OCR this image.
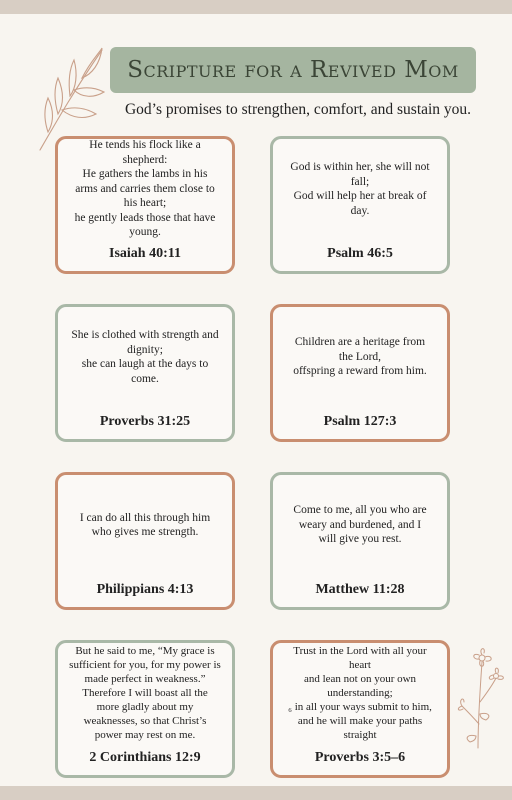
Scripture for a Revived Mom
God’s promises to strengthen, comfort, and sustain you.
He tends his flock like a
shepherd:
He gathers the lambs in his
arms and carries them close to
his heart;
he gently leads those that have
young.
Isaiah 40:11
God is within her, she will not
fall;
God will help her at break of
day.
Psalm 46:5
She is clothed with strength and
dignity;
she can laugh at the days to
come.
Proverbs 31:25
Children are a heritage from
the Lord,
offspring a reward from him.
Psalm 127:3
I can do all this through him
who gives me strength.
Philippians 4:13
Come to me, all you who are
weary and burdened, and I
will give you rest.
Matthew 11:28
But he said to me, “My grace is
sufficient for you, for my power is
made perfect in weakness.”
Therefore I will boast all the
more gladly about my
weaknesses, so that Christ’s
power may rest on me.
2 Corinthians 12:9
Trust in the Lord with all your
heart
and lean not on your own
understanding;
₆ in all your ways submit to him,
and he will make your paths
straight
Proverbs 3:5–6
